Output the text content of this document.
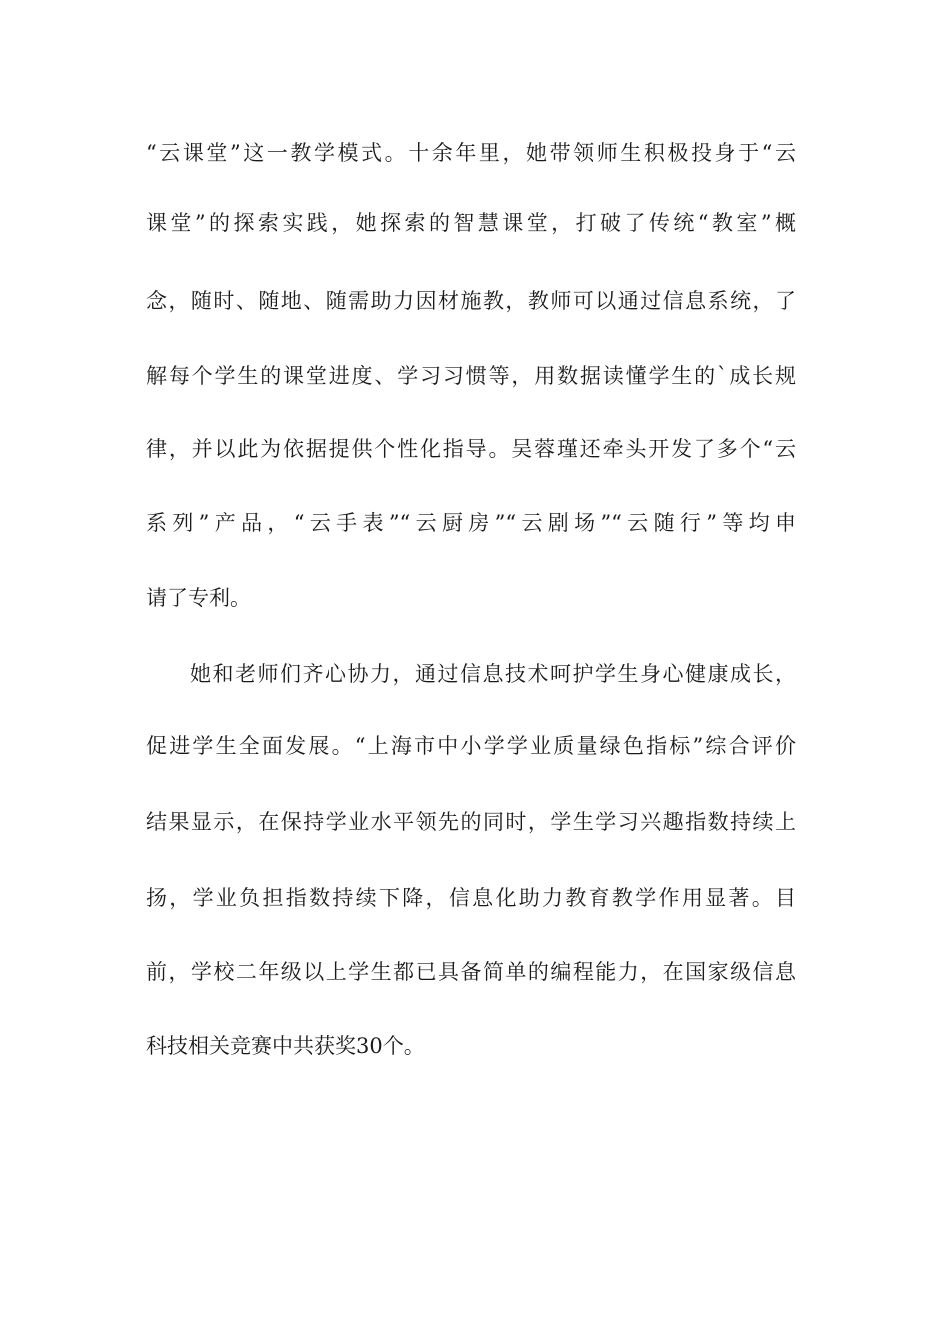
“云课堂”这一教学模式。十余年里，她带领师生积极投身于“云
课堂”的探索实践，她探索的智慧课堂，打破了传统“教室”概
念，随时、随地、随需助力因材施教，教师可以通过信息系统，了
解每个学生的课堂进度、学习习惯等，用数据读懂学生的`成长规
律，并以此为依据提供个性化指导。吴蓉瑾还牵头开发了多个“云
系列”产品，“云手表”“云厨房”“云剧场”“云随行”等均申
请了专利。
她和老师们齐心协力，通过信息技术呵护学生身心健康成长，
促进学生全面发展。“上海市中小学学业质量绿色指标”综合评价
结果显示，在保持学业水平领先的同时，学生学习兴趣指数持续上
扬，学业负担指数持续下降，信息化助力教育教学作用显著。目
前，学校二年级以上学生都已具备简单的编程能力，在国家级信息
科技相关竞赛中共获奖30个。
